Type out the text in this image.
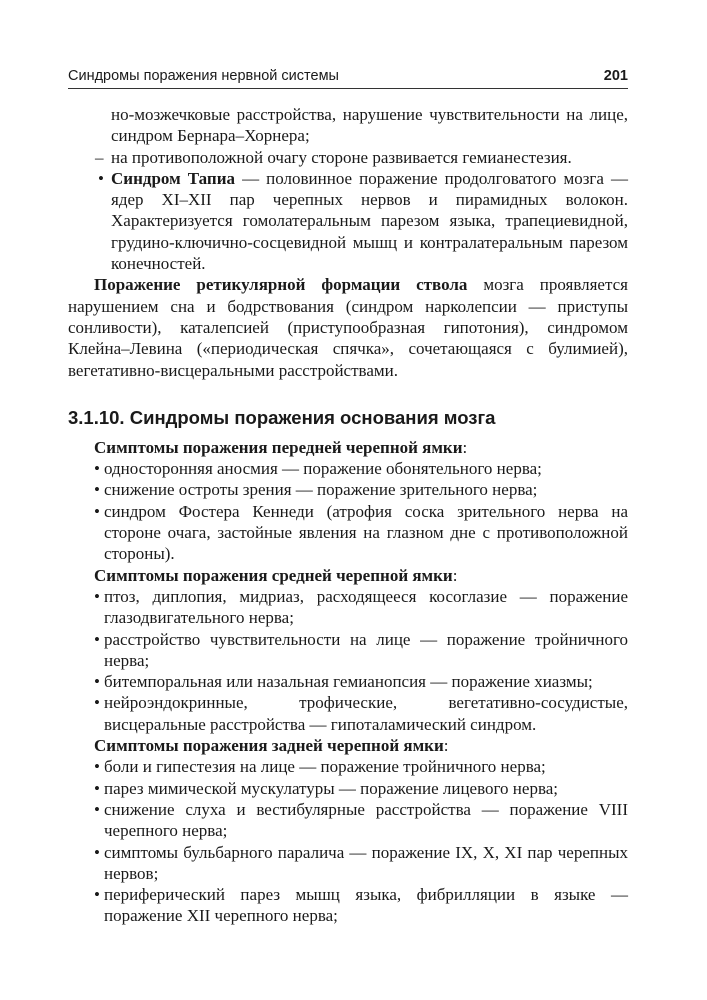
Синдромы поражения нервной системы	201

но-мозжечковые расстройства, нарушение чувствительности на лице, синдром Бернара–Хорнера;

– на противоположной очагу стороне развивается гемианестезия.

• Синдром Тапиа — половинное поражение продолговатого мозга — ядер XI–XII пар черепных нервов и пирамидных волокон. Характеризуется гомолатеральным парезом языка, трапециевидной, грудино-ключично-сосцевидной мышц и контралатеральным парезом конечностей.

Поражение ретикулярной формации ствола мозга проявляется нарушением сна и бодрствования (синдром нарколепсии — приступы сонливости), каталепсией (приступообразная гипотония), синдромом Клейна–Левина («периодическая спячка», сочетающаяся с булимией), вегетативно-висцеральными расстройствами.

3.1.10. Синдромы поражения основания мозга

Симптомы поражения передней черепной ямки:

• односторонняя аносмия — поражение обонятельного нерва;

• снижение остроты зрения — поражение зрительного нерва;

• синдром Фостера Кеннеди (атрофия соска зрительного нерва на стороне очага, застойные явления на глазном дне с противоположной стороны).

Симптомы поражения средней черепной ямки:

• птоз, диплопия, мидриаз, расходящееся косоглазие — поражение глазодвигательного нерва;

• расстройство чувствительности на лице — поражение тройничного нерва;

• битемпоральная или назальная гемианопсия — поражение хиазмы;

• нейроэндокринные, трофические, вегетативно-сосудистые, висцеральные расстройства — гипоталамический синдром.

Симптомы поражения задней черепной ямки:

• боли и гипестезия на лице — поражение тройничного нерва;

• парез мимической мускулатуры — поражение лицевого нерва;

• снижение слуха и вестибулярные расстройства — поражение VIII черепного нерва;

• симптомы бульбарного паралича — поражение IX, X, XI пар черепных нервов;

• периферический парез мышц языка, фибрилляции в языке — поражение XII черепного нерва;
